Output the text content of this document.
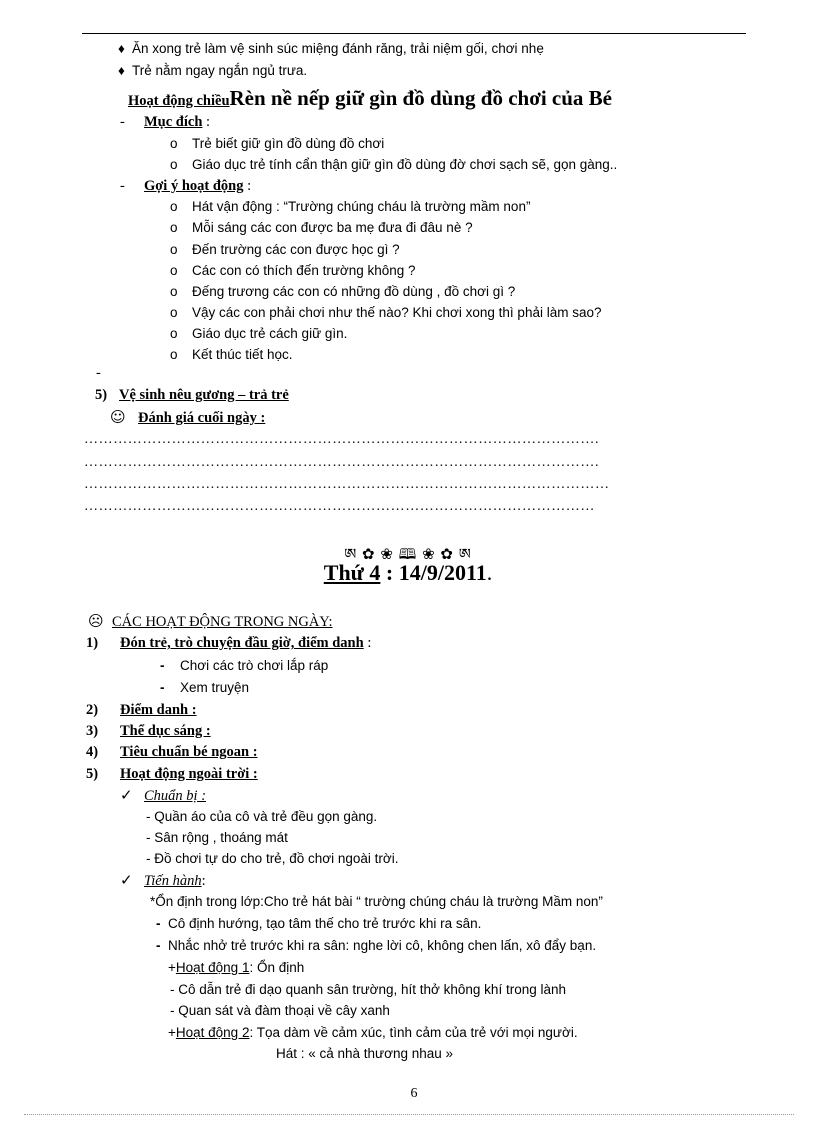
♦ Ăn xong trẻ làm vệ sinh súc miệng đánh răng, trải niệm gối, chơi nhẹ
♦ Trẻ nằm ngay ngắn ngủ trưa.
Hoạt động chiềuRèn nề nếp giữ gìn đồ dùng đồ chơi của Bé
- Mục đích :
o Trẻ biết giữ gìn đồ dùng đồ chơi
o Giáo dục trẻ tính cẩn thận giữ gìn đồ dùng đờ chơi sạch sẽ, gọn gàng..
- Gợi ý hoạt động :
o Hát vận động : “Trường chúng cháu là trường mầm non”
o Mỗi sáng các con được ba mẹ đưa đi đâu nè ?
o Đến trường các con được học gì ?
o Các con có thích đến trường không ?
o Đếng trương các con có những đồ dùng , đồ chơi gì ?
o Vậy các con phải chơi như thế nào? Khi chơi xong thì phải làm sao?
o Giáo dục trẻ cách giữ gìn.
o Kết thúc tiết học.
-
5) Vệ sinh nêu gương – trả trẻ
☺ Đánh giá cuối ngày :
…………………………………………………………………………………………….
…………………………………………………………………………………………….
………………………………………………………………………………………………
……………………………………………………………………………………………
ཨ ✿ ❀ 🕮 ❀ ✿ ཨ
Thứ 4 : 14/9/2011.
☹ CÁC HOẠT ĐỘNG TRONG NGÀY:
1) Đón trẻ, trò chuyện đầu giờ, điểm danh :
- Chơi các trò chơi lắp ráp
- Xem truyện
2) Điểm danh :
3) Thể dục sáng :
4) Tiêu chuẩn bé ngoan :
5) Hoạt động ngoài trời :
✓ Chuẩn bị :
- Quần áo của cô và trẻ đều gọn gàng.
- Sân rộng , thoáng mát
- Đồ chơi tự do cho trẻ, đồ chơi ngoài trời.
✓ Tiến hành:
*Ổn định trong lớp:Cho trẻ hát bài “ trường chúng cháu là trường Mầm non”
- Cô định hướng, tạo tâm thế cho trẻ trước khi ra sân.
- Nhắc nhở trẻ trước khi ra sân: nghe lời cô, không chen lấn, xô đẩy bạn.
+Hoạt động 1: Ổn định
- Cô dẫn trẻ đi dạo quanh sân trường, hít thở không khí trong lành
- Quan sát và đàm thoại về cây xanh
+Hoạt động 2: Tọa dàm về cảm xúc, tình cảm của trẻ với mọi người.
Hát : « cả nhà thương nhau »
6
